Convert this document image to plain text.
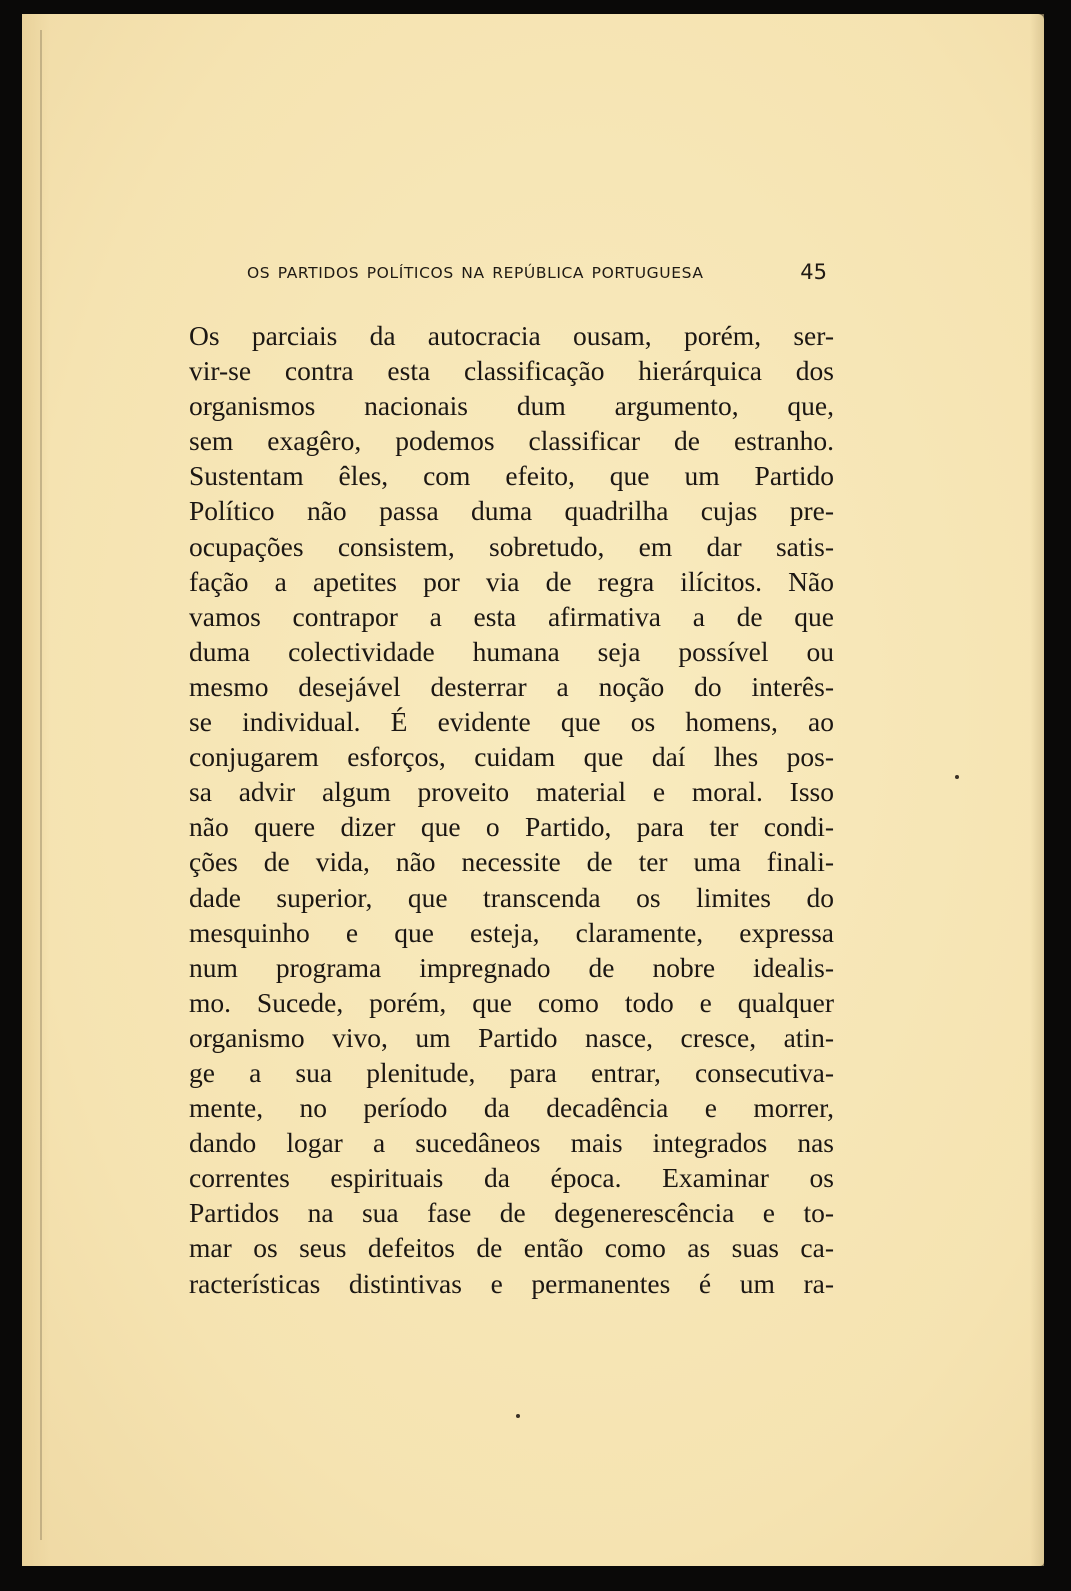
OS PARTIDOS POLÍTICOS NA REPÚBLICA PORTUGUESA	45
Os parciais da autocracia ousam, porém, ser-
vir-se contra esta classificação hierárquica dos
organismos nacionais dum argumento, que,
sem exagêro, podemos classificar de estranho.
Sustentam êles, com efeito, que um Partido
Político não passa duma quadrilha cujas pre-
ocupações consistem, sobretudo, em dar satis-
fação a apetites por via de regra ilícitos. Não
vamos contrapor a esta afirmativa a de que
duma colectividade humana seja possível ou
mesmo desejável desterrar a noção do interês-
se individual. É evidente que os homens, ao
conjugarem esforços, cuidam que daí lhes pos-
sa advir algum proveito material e moral. Isso
não quere dizer que o Partido, para ter condi-
ções de vida, não necessite de ter uma finali-
dade superior, que transcenda os limites do
mesquinho e que esteja, claramente, expressa
num programa impregnado de nobre idealis-
mo. Sucede, porém, que como todo e qualquer
organismo vivo, um Partido nasce, cresce, atin-
ge a sua plenitude, para entrar, consecutiva-
mente, no período da decadência e morrer,
dando logar a sucedâneos mais integrados nas
correntes espirituais da época. Examinar os
Partidos na sua fase de degenerescência e to-
mar os seus defeitos de então como as suas ca-
racterísticas distintivas e permanentes é um ra-
